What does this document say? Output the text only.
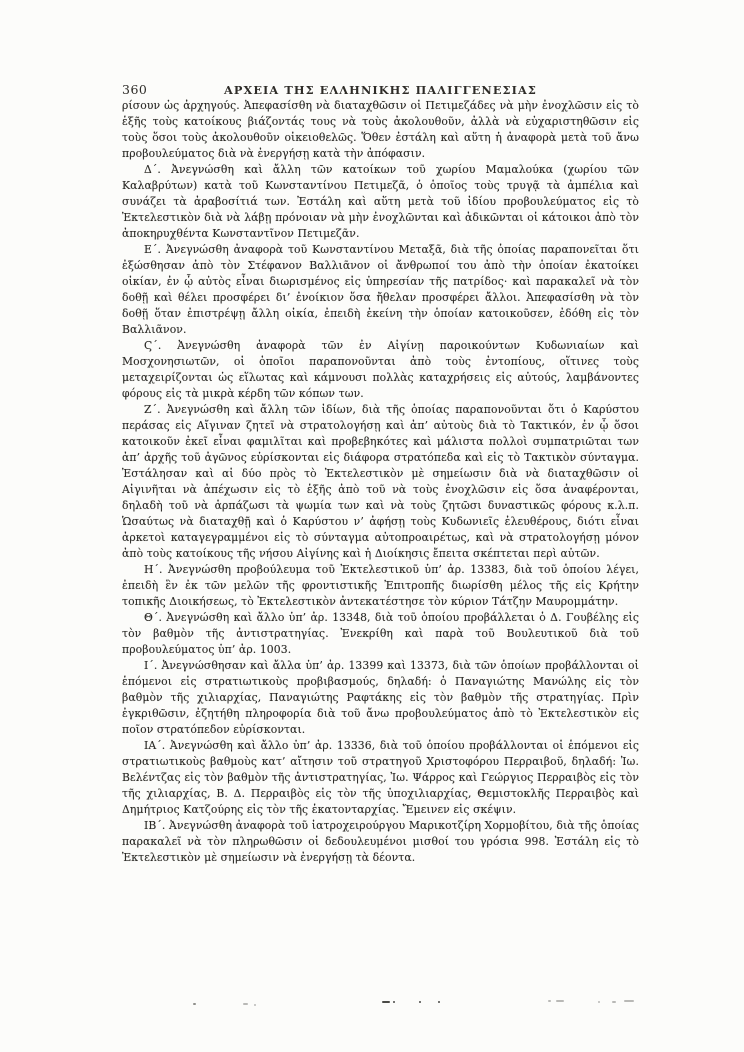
360	ΑΡΧΕΙΑ ΤΗΣ ΕΛΛΗΝΙΚΗΣ ΠΑΛΙΓΓΕΝΕΣΙΑΣ

ρίσουν ὡς ἀρχηγούς. Ἀπεφασίσθη νὰ διαταχθῶσιν οἱ Πετιμεζάδες νὰ μὴν ἐνοχλῶσιν εἰς τὸ ἑξῆς τοὺς κατοίκους βιάζοντάς τους νὰ τοὺς ἀκολουθοῦν, ἀλλὰ νὰ εὐχαριστηθῶσιν εἰς τοὺς ὅσοι τοὺς ἀκολουθοῦν οἰκειοθελῶς. Ὅθεν ἐστάλη καὶ αὕτη ἡ ἀναφορὰ μετὰ τοῦ ἄνω προβουλεύματος διὰ νὰ ἐνεργήσῃ κατὰ τὴν ἀπόφασιν.

Δ΄. Ἀνεγνώσθη καὶ ἄλλη τῶν κατοίκων τοῦ χωρίου Μαμαλούκα (χωρίου τῶν Καλαβρύτων) κατὰ τοῦ Κωνσταντίνου Πετιμεζᾶ, ὁ ὁποῖος τοὺς τρυγᾷ τὰ ἀμπέλια καὶ συνάζει τὰ ἀραβοσίτιά των. Ἐστάλη καὶ αὕτη μετὰ τοῦ ἰδίου προβουλεύματος εἰς τὸ Ἐκτελεστικὸν διὰ νὰ λάβῃ πρόνοιαν νὰ μὴν ἐνοχλῶνται καὶ ἀδικῶνται οἱ κάτοικοι ἀπὸ τὸν ἀποκηρυχθέντα Κωνσταντῖνον Πετιμεζᾶν.

Ε΄. Ἀνεγνώσθη ἀναφορὰ τοῦ Κωνσταντίνου Μεταξᾶ, διὰ τῆς ὁποίας παραπονεῖται ὅτι ἐξώσθησαν ἀπὸ τὸν Στέφανον Βαλλιᾶνον οἱ ἄνθρωποί του ἀπὸ τὴν ὁποίαν ἐκατοίκει οἰκίαν, ἐν ᾧ αὐτὸς εἶναι διωρισμένος εἰς ὑπηρεσίαν τῆς πατρίδος· καὶ παρακαλεῖ νὰ τὸν δοθῇ καὶ θέλει προσφέρει δι’ ἐνοίκιον ὅσα ἤθελαν προσφέρει ἄλλοι. Ἀπεφασίσθη νὰ τὸν δοθῇ ὅταν ἐπιστρέψῃ ἄλλη οἰκία, ἐπειδὴ ἐκείνη τὴν ὁποίαν κατοικοῦσεν, ἐδόθη εἰς τὸν Βαλλιᾶνον.

Ϛ΄. Ἀνεγνώσθη ἀναφορὰ τῶν ἐν Αἰγίνῃ παροικούντων Κυδωνιαίων καὶ Μοσχονησιωτῶν, οἱ ὁποῖοι παραπονοῦνται ἀπὸ τοὺς ἐντοπίους, οἵτινες τοὺς μεταχειρίζονται ὡς εἵλωτας καὶ κάμνουσι πολλὰς καταχρήσεις εἰς αὐτούς, λαμβάνοντες φόρους εἰς τὰ μικρὰ κέρδη τῶν κόπων των.

Ζ΄. Ἀνεγνώσθη καὶ ἄλλη τῶν ἰδίων, διὰ τῆς ὁποίας παραπονοῦνται ὅτι ὁ Καρύστου περάσας εἰς Αἴγιναν ζητεῖ νὰ στρατολογήσῃ καὶ ἀπ’ αὐτοὺς διὰ τὸ Τακτικόν, ἐν ᾧ ὅσοι κατοικοῦν ἐκεῖ εἶναι φαμιλῖται καὶ προβεβηκότες καὶ μάλιστα πολλοὶ συμπατριῶται των ἀπ’ ἀρχῆς τοῦ ἀγῶνος εὑρίσκονται εἰς διάφορα στρατόπεδα καὶ εἰς τὸ Τακτικὸν σύνταγμα. Ἐστάλησαν καὶ αἱ δύο πρὸς τὸ Ἐκτελεστικὸν μὲ σημείωσιν διὰ νὰ διαταχθῶσιν οἱ Αἰγινῆται νὰ ἀπέχωσιν εἰς τὸ ἑξῆς ἀπὸ τοῦ νὰ τοὺς ἐνοχλῶσιν εἰς ὅσα ἀναφέρονται, δηλαδὴ τοῦ νὰ ἁρπάζωσι τὰ ψωμία των καὶ νὰ τοὺς ζητῶσι δυναστικῶς φόρους κ.λ.π. Ὡσαύτως νὰ διαταχθῇ καὶ ὁ Καρύστου ν’ ἀφήσῃ τοὺς Κυδωνιεῖς ἐλευθέρους, διότι εἶναι ἀρκετοὶ καταγεγραμμένοι εἰς τὸ σύνταγμα αὐτοπροαιρέτως, καὶ νὰ στρατολογήσῃ μόνον ἀπὸ τοὺς κατοίκους τῆς νήσου Αἰγίνης καὶ ἡ Διοίκησις ἔπειτα σκέπτεται περὶ αὐτῶν.

Η΄. Ἀνεγνώσθη προβούλευμα τοῦ Ἐκτελεστικοῦ ὑπ’ ἀρ. 13383, διὰ τοῦ ὁποίου λέγει, ἐπειδὴ ἓν ἐκ τῶν μελῶν τῆς φροντιστικῆς Ἐπιτροπῆς διωρίσθη μέλος τῆς εἰς Κρήτην τοπικῆς Διοικήσεως, τὸ Ἐκτελεστικὸν ἀντεκατέστησε τὸν κύριον Τάτζην Μαυρομμάτην.

Θ΄. Ἀνεγνώσθη καὶ ἄλλο ὑπ’ ἀρ. 13348, διὰ τοῦ ὁποίου προβάλλεται ὁ Δ. Γουβέλης εἰς τὸν βαθμὸν τῆς ἀντιστρατηγίας. Ἐνεκρίθη καὶ παρὰ τοῦ Βουλευτικοῦ διὰ τοῦ προβουλεύματος ὑπ’ ἀρ. 1003.

Ι΄. Ἀνεγνώσθησαν καὶ ἄλλα ὑπ’ ἀρ. 13399 καὶ 13373, διὰ τῶν ὁποίων προβάλλονται οἱ ἑπόμενοι εἰς στρατιωτικοὺς προβιβασμούς, δηλαδή: ὁ Παναγιώτης Μανώλης εἰς τὸν βαθμὸν τῆς χιλιαρχίας, Παναγιώτης Ραφτάκης εἰς τὸν βαθμὸν τῆς στρατηγίας. Πρὶν ἐγκριθῶσιν, ἐζητήθη πληροφορία διὰ τοῦ ἄνω προβουλεύματος ἀπὸ τὸ Ἐκτελεστικὸν εἰς ποῖον στρατόπεδον εὑρίσκονται.

ΙΑ΄. Ἀνεγνώσθη καὶ ἄλλο ὑπ’ ἀρ. 13336, διὰ τοῦ ὁποίου προβάλλονται οἱ ἑπόμενοι εἰς στρατιωτικοὺς βαθμοὺς κατ’ αἴτησιν τοῦ στρατηγοῦ Χριστοφόρου Περραιβοῦ, δηλαδή: Ἰω. Βελέντζας εἰς τὸν βαθμὸν τῆς ἀντιστρατηγίας, Ἰω. Ψάρρος καὶ Γεώργιος Περραιβὸς εἰς τὸν τῆς χιλιαρχίας, Β. Δ. Περραιβὸς εἰς τὸν τῆς ὑποχιλιαρχίας, Θεμιστοκλῆς Περραιβὸς καὶ Δημήτριος Κατζούρης εἰς τὸν τῆς ἑκατονταρχίας. Ἔμεινεν εἰς σκέψιν.

ΙΒ΄. Ἀνεγνώσθη ἀναφορὰ τοῦ ἰατροχειρούργου Μαρικοτζίρη Χορμοβίτου, διὰ τῆς ὁποίας παρακαλεῖ νὰ τὸν πληρωθῶσιν οἱ δεδουλευμένοι μισθοί του γρόσια 998. Ἐστάλη εἰς τὸ Ἐκτελεστικὸν μὲ σημείωσιν νὰ ἐνεργήσῃ τὰ δέοντα.
